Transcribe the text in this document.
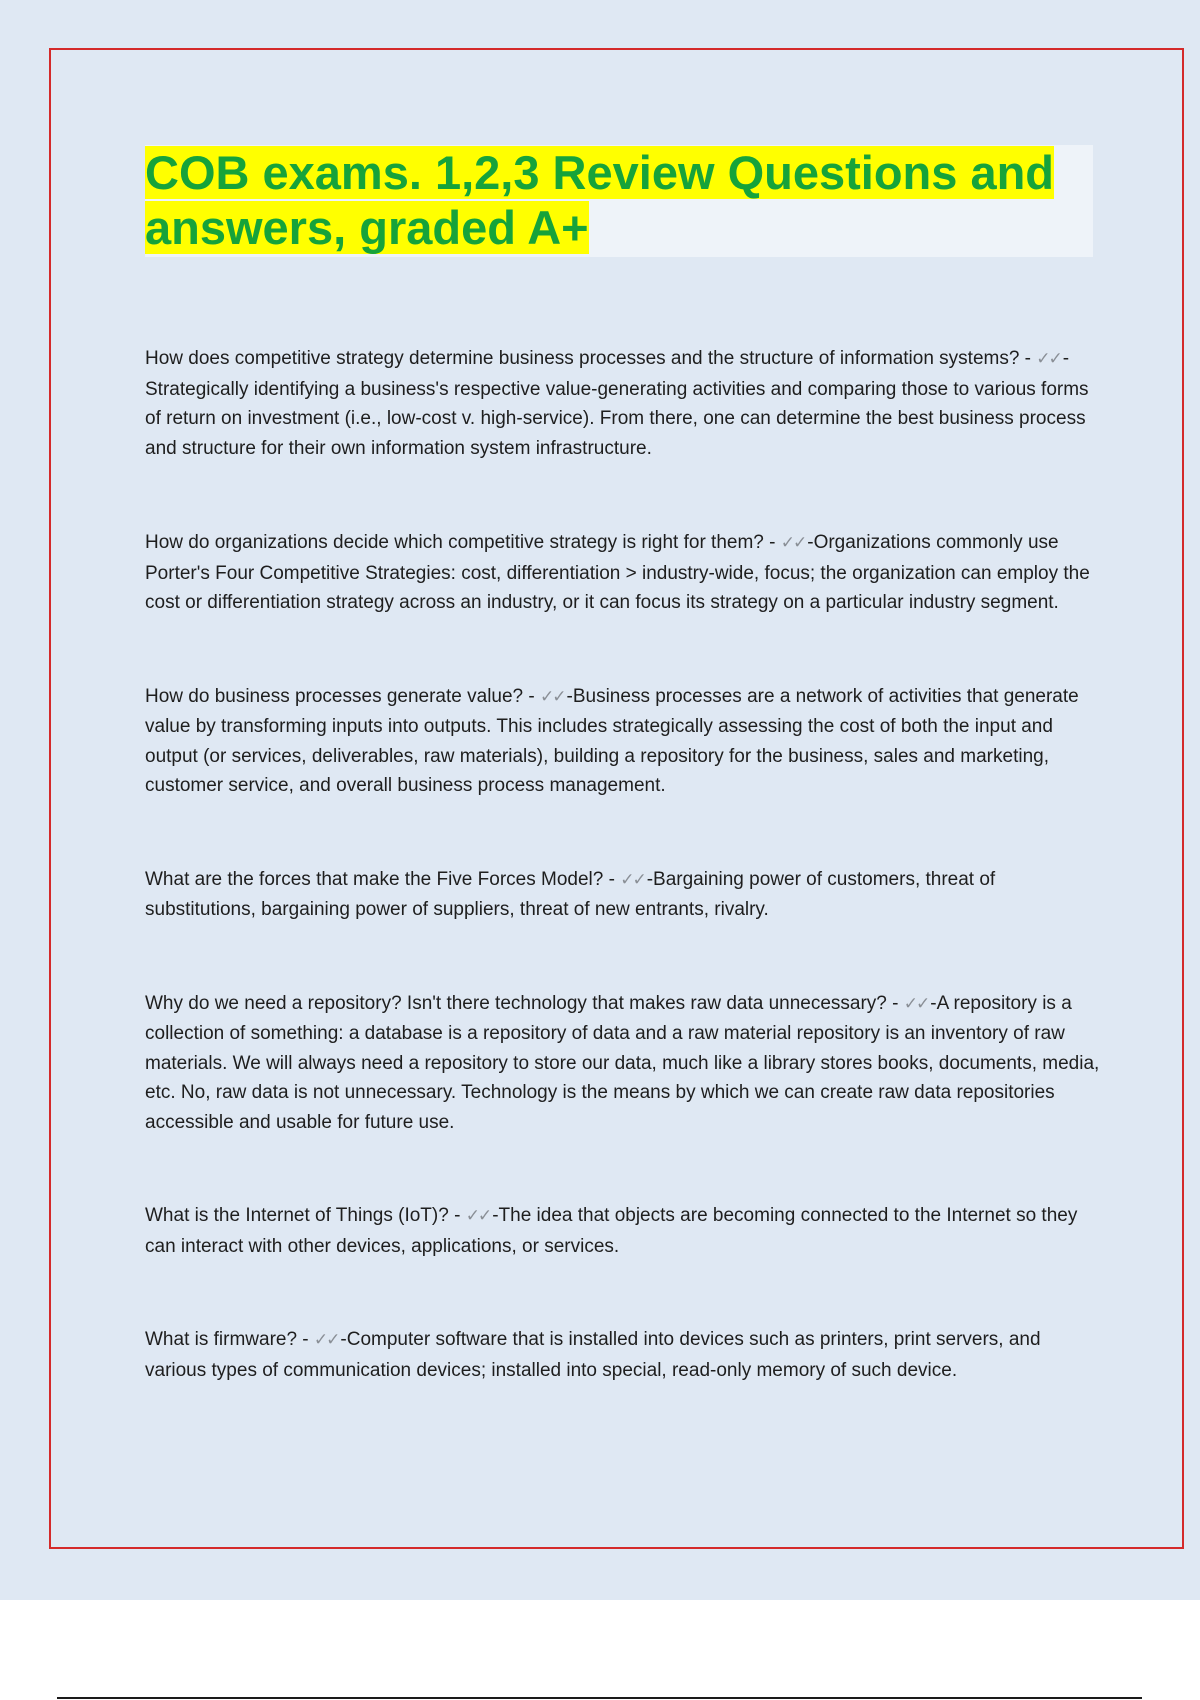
COB exams. 1,2,3 Review Questions and answers, graded A+

How does competitive strategy determine business processes and the structure of information systems? - ✓✓ -Strategically identifying a business's respective value-generating activities and comparing those to various forms of return on investment (i.e., low-cost v. high-service). From there, one can determine the best business process and structure for their own information system infrastructure.

How do organizations decide which competitive strategy is right for them? - ✓✓ -Organizations commonly use Porter's Four Competitive Strategies: cost, differentiation > industry-wide, focus; the organization can employ the cost or differentiation strategy across an industry, or it can focus its strategy on a particular industry segment.

How do business processes generate value? - ✓✓ -Business processes are a network of activities that generate value by transforming inputs into outputs. This includes strategically assessing the cost of both the input and output (or services, deliverables, raw materials), building a repository for the business, sales and marketing, customer service, and overall business process management.

What are the forces that make the Five Forces Model? - ✓✓ -Bargaining power of customers, threat of substitutions, bargaining power of suppliers, threat of new entrants, rivalry.

Why do we need a repository? Isn't there technology that makes raw data unnecessary? - ✓✓ -A repository is a collection of something: a database is a repository of data and a raw material repository is an inventory of raw materials. We will always need a repository to store our data, much like a library stores books, documents, media, etc. No, raw data is not unnecessary. Technology is the means by which we can create raw data repositories accessible and usable for future use.

What is the Internet of Things (IoT)? - ✓✓ -The idea that objects are becoming connected to the Internet so they can interact with other devices, applications, or services.

What is firmware? - ✓✓ -Computer software that is installed into devices such as printers, print servers, and various types of communication devices; installed into special, read-only memory of such device.
